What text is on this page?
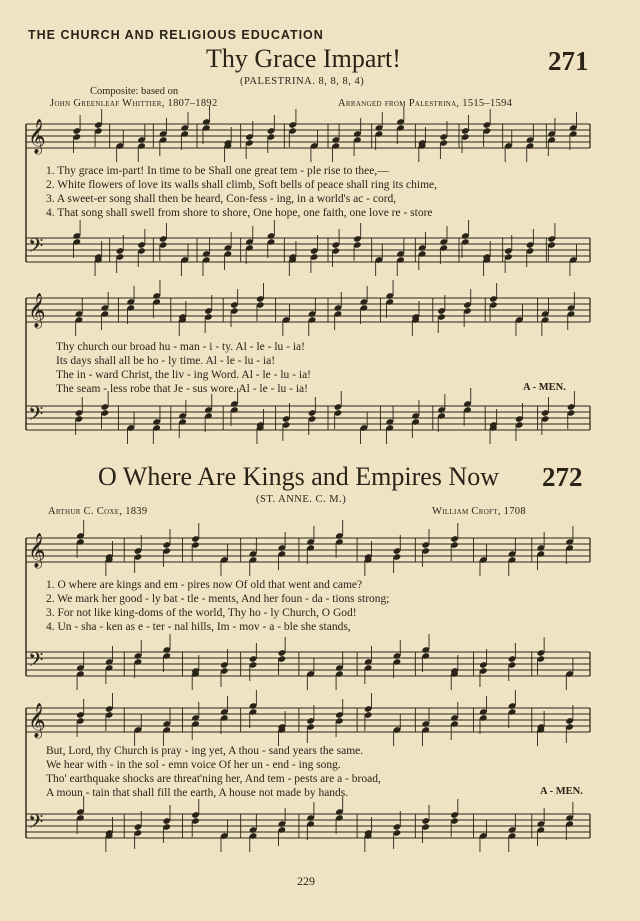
THE CHURCH AND RELIGIOUS EDUCATION
Thy Grace Impart!	271
(PALESTRINA. 8, 8, 8, 4)
Composite: based on
John Greenleaf Whittier, 1807–1892	Arranged from Palestrina, 1515–1594
1. Thy grace im-part! In time to be Shall one great tem - ple rise to thee,—
2. White flowers of love its walls shall climb, Soft bells of peace shall ring its chime,
3. A sweet-er song shall then be heard, Con-fess - ing, in a world's ac - cord,
4. That song shall swell from shore to shore, One hope, one faith, one love re - store
Thy church our broad hu - man - i - ty. Al - le - lu - ia!
Its days shall all be ho - ly time. Al - le - lu - ia!
The in - ward Christ, the liv - ing Word. Al - le - lu - ia!
The seam - less robe that Je - sus wore. Al - le - lu - ia!	A - MEN.
O Where Are Kings and Empires Now 272
(ST. ANNE. C. M.)
Arthur C. Coxe, 1839	William Croft, 1708
1. O where are kings and em - pires now Of old that went and came?
2. We mark her good - ly bat - tle - ments, And her foun - da - tions strong;
3. For not like king-doms of the world, Thy ho - ly Church, O God!
4. Un - sha - ken as e - ter - nal hills, Im - mov - a - ble she stands,
But, Lord, thy Church is pray - ing yet, A thou - sand years the same.
We hear with - in the sol - emn voice Of her un - end - ing song.
Tho' earthquake shocks are threat'ning her, And tem - pests are a - broad,
A moun - tain that shall fill the earth, A house not made by hands.	A - MEN.
229
𝄞
𝄢
𝄞
𝄢
𝄞
𝄢
𝄞
𝄢
